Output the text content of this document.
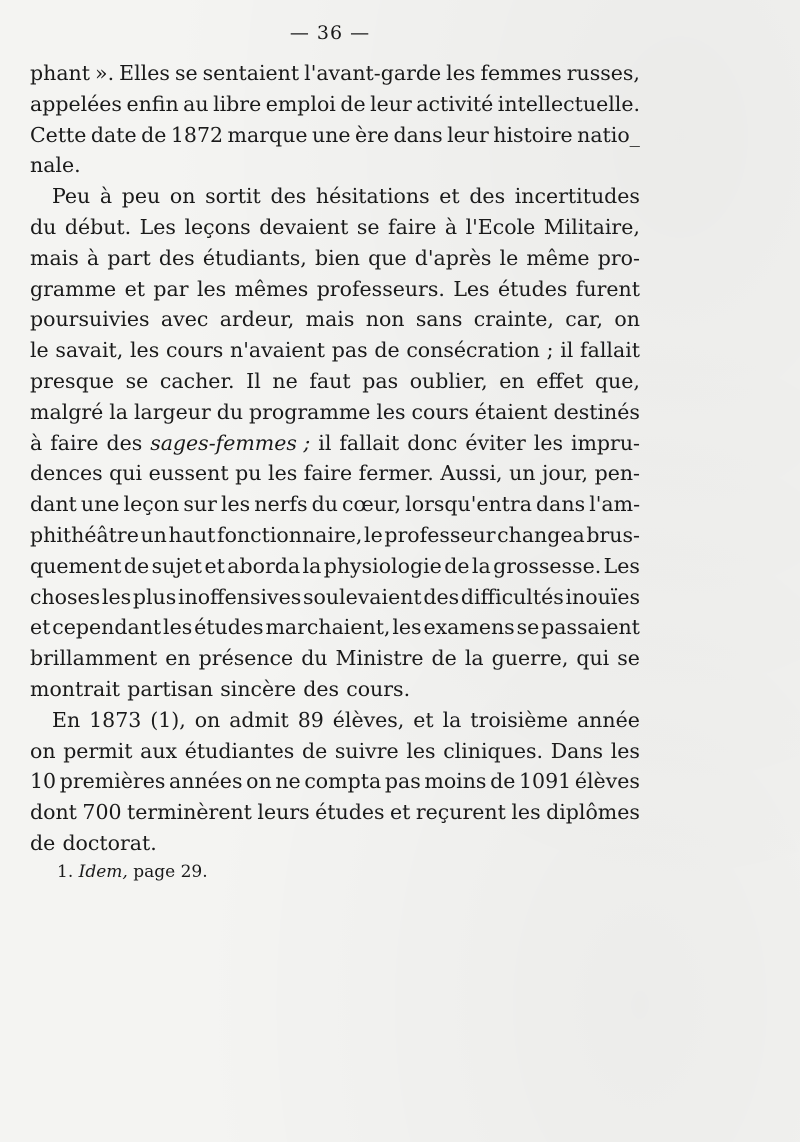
— 36 —
phant ». Elles se sentaient l'avant-garde les femmes russes,
appelées enfin au libre emploi de leur activité intellectuelle.
Cette date de 1872 marque une ère dans leur histoire natio_
nale.
Peu à peu on sortit des hésitations et des incertitudes
du début. Les leçons devaient se faire à l'Ecole Militaire,
mais à part des étudiants, bien que d'après le même pro-
gramme et par les mêmes professeurs. Les études furent
poursuivies avec ardeur, mais non sans crainte, car, on
le savait, les cours n'avaient pas de consécration ; il fallait
presque se cacher. Il ne faut pas oublier, en effet que,
malgré la largeur du programme les cours étaient destinés
à faire des sages-femmes ; il fallait donc éviter les impru-
dences qui eussent pu les faire fermer. Aussi, un jour, pen-
dant une leçon sur les nerfs du cœur, lorsqu'entra dans l'am-
phithéâtre un haut fonctionnaire, le professeur changea brus-
quement de sujet et aborda la physiologie de la grossesse. Les
choses les plus inoffensives soulevaient des difficultés inouïes
et cependant les études marchaient, les examens se passaient
brillamment en présence du Ministre de la guerre, qui se
montrait partisan sincère des cours.
En 1873 (1), on admit 89 élèves, et la troisième année
on permit aux étudiantes de suivre les cliniques. Dans les
10 premières années on ne compta pas moins de 1091 élèves
dont 700 terminèrent leurs études et reçurent les diplômes
de doctorat.
1. Idem, page 29.
